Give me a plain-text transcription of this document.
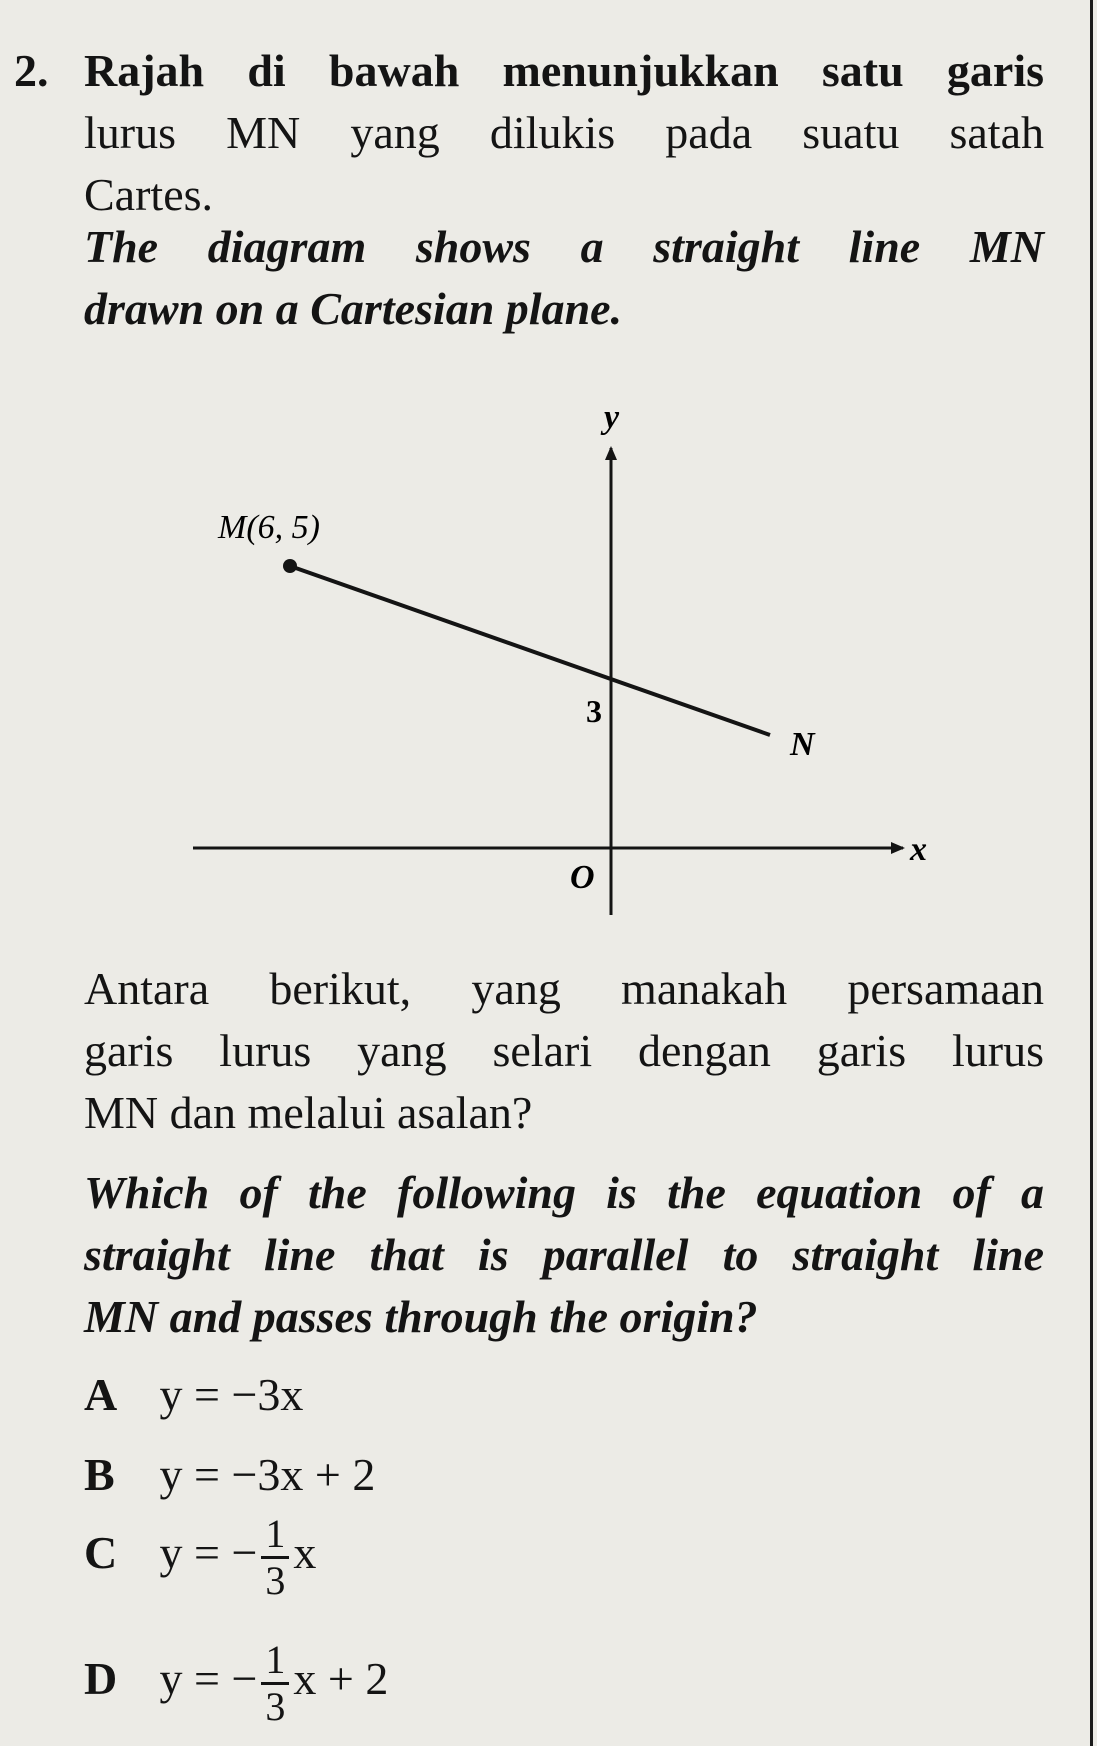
2. Rajah di bawah menunjukkan satu garis
lurus MN yang dilukis pada suatu satah
Cartes.
The diagram shows a straight line MN
drawn on a Cartesian plane.
M(6, 5)
N
3
O
x
y
Antara berikut, yang manakah persamaan
garis lurus yang selari dengan garis lurus
MN dan melalui asalan?
Which of the following is the equation of a
straight line that is parallel to straight line
MN and passes through the origin?
A y = −3x
B y = −3x + 2
C y = − $\frac{1}{3}$ x
D y = − $\frac{1}{3}$ x + 2
